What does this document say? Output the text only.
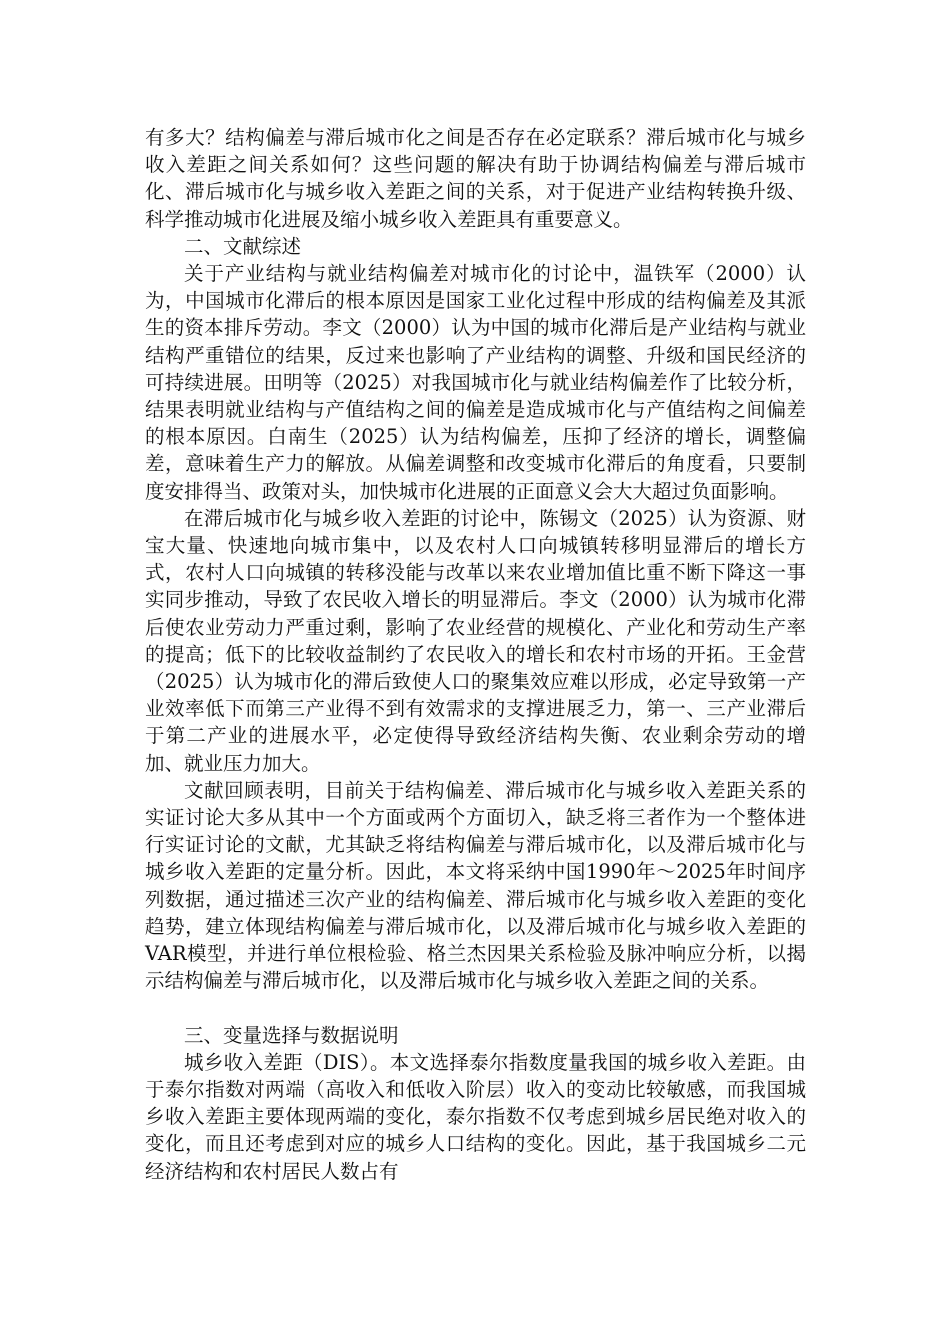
有多大？结构偏差与滞后城市化之间是否存在必定联系？滞后城市化与城乡收入差距之间关系如何？这些问题的解决有助于协调结构偏差与滞后城市化、滞后城市化与城乡收入差距之间的关系，对于促进产业结构转换升级、科学推动城市化进展及缩小城乡收入差距具有重要意义。

二、文献综述

关于产业结构与就业结构偏差对城市化的讨论中，温铁军（2000）认为，中国城市化滞后的根本原因是国家工业化过程中形成的结构偏差及其派生的资本排斥劳动。李文（2000）认为中国的城市化滞后是产业结构与就业结构严重错位的结果，反过来也影响了产业结构的调整、升级和国民经济的可持续进展。田明等（2025）对我国城市化与就业结构偏差作了比较分析，结果表明就业结构与产值结构之间的偏差是造成城市化与产值结构之间偏差的根本原因。白南生（2025）认为结构偏差，压抑了经济的增长，调整偏差，意味着生产力的解放。从偏差调整和改变城市化滞后的角度看，只要制度安排得当、政策对头，加快城市化进展的正面意义会大大超过负面影响。

在滞后城市化与城乡收入差距的讨论中，陈锡文（2025）认为资源、财宝大量、快速地向城市集中，以及农村人口向城镇转移明显滞后的增长方式，农村人口向城镇的转移没能与改革以来农业增加值比重不断下降这一事实同步推动，导致了农民收入增长的明显滞后。李文（2000）认为城市化滞后使农业劳动力严重过剩，影响了农业经营的规模化、产业化和劳动生产率的提高；低下的比较收益制约了农民收入的增长和农村市场的开拓。王金营（2025）认为城市化的滞后致使人口的聚集效应难以形成，必定导致第一产业效率低下而第三产业得不到有效需求的支撑进展乏力，第一、三产业滞后于第二产业的进展水平，必定使得导致经济结构失衡、农业剩余劳动的增加、就业压力加大。

文献回顾表明，目前关于结构偏差、滞后城市化与城乡收入差距关系的实证讨论大多从其中一个方面或两个方面切入，缺乏将三者作为一个整体进行实证讨论的文献，尤其缺乏将结构偏差与滞后城市化，以及滞后城市化与城乡收入差距的定量分析。因此，本文将采纳中国1990年～2025年时间序列数据，通过描述三次产业的结构偏差、滞后城市化与城乡收入差距的变化趋势，建立体现结构偏差与滞后城市化，以及滞后城市化与城乡收入差距的VAR模型，并进行单位根检验、格兰杰因果关系检验及脉冲响应分析，以揭示结构偏差与滞后城市化，以及滞后城市化与城乡收入差距之间的关系。

三、变量选择与数据说明

城乡收入差距（DIS）。本文选择泰尔指数度量我国的城乡收入差距。由于泰尔指数对两端（高收入和低收入阶层）收入的变动比较敏感，而我国城乡收入差距主要体现两端的变化，泰尔指数不仅考虑到城乡居民绝对收入的变化，而且还考虑到对应的城乡人口结构的变化。因此，基于我国城乡二元经济结构和农村居民人数占有
